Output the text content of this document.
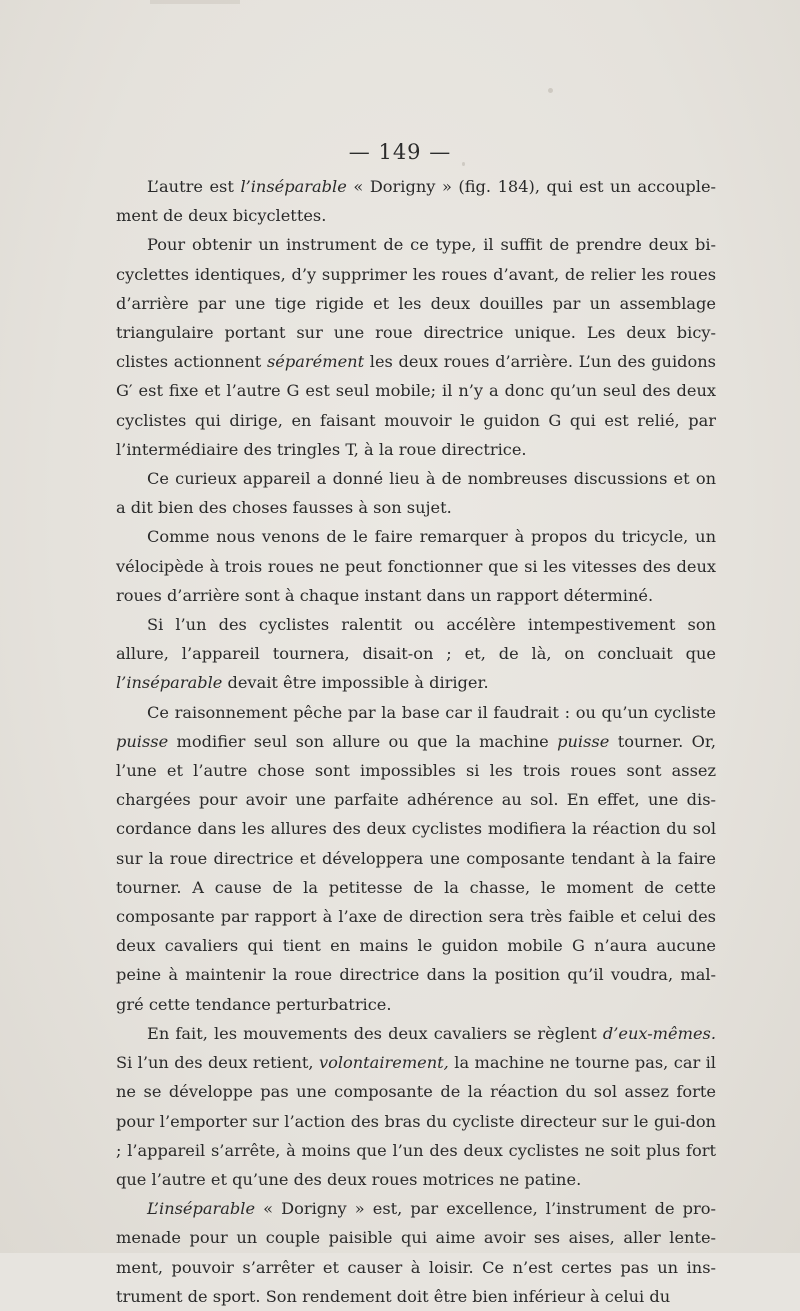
— 149 —

L’autre est l’inséparable « Dorigny » (fig. 184), qui est un accouple-ment de deux bicyclettes.

Pour obtenir un instrument de ce type, il suffit de prendre deux bi-cyclettes identiques, d’y supprimer les roues d’avant, de relier les roues d’arrière par une tige rigide et les deux douilles par un assemblage triangulaire portant sur une roue directrice unique. Les deux bicy-clistes actionnent séparément les deux roues d’arrière. L’un des guidons G′ est fixe et l’autre G est seul mobile; il n’y a donc qu’un seul des deux cyclistes qui dirige, en faisant mouvoir le guidon G qui est relié, par l’intermédiaire des tringles T, à la roue directrice.

Ce curieux appareil a donné lieu à de nombreuses discussions et on a dit bien des choses fausses à son sujet.

Comme nous venons de le faire remarquer à propos du tricycle, un vélocipède à trois roues ne peut fonctionner que si les vitesses des deux roues d’arrière sont à chaque instant dans un rapport déterminé.

Si l’un des cyclistes ralentit ou accélère intempestivement son allure, l’appareil tournera, disait-on ; et, de là, on concluait que l’inséparable devait être impossible à diriger.

Ce raisonnement pêche par la base car il faudrait : ou qu’un cycliste puisse modifier seul son allure ou que la machine puisse tourner. Or, l’une et l’autre chose sont impossibles si les trois roues sont assez chargées pour avoir une parfaite adhérence au sol. En effet, une dis-cordance dans les allures des deux cyclistes modifiera la réaction du sol sur la roue directrice et développera une composante tendant à la faire tourner. A cause de la petitesse de la chasse, le moment de cette composante par rapport à l’axe de direction sera très faible et celui des deux cavaliers qui tient en mains le guidon mobile G n’aura aucune peine à maintenir la roue directrice dans la position qu’il voudra, mal-gré cette tendance perturbatrice.

En fait, les mouvements des deux cavaliers se règlent d’eux-mêmes. Si l’un des deux retient, volontairement, la machine ne tourne pas, car il ne se développe pas une composante de la réaction du sol assez forte pour l’emporter sur l’action des bras du cycliste directeur sur le gui-don ; l’appareil s’arrête, à moins que l’un des deux cyclistes ne soit plus fort que l’autre et qu’une des deux roues motrices ne patine.

L’inséparable « Dorigny » est, par excellence, l’instrument de pro-menade pour un couple paisible qui aime avoir ses aises, aller lente-ment, pouvoir s’arrêter et causer à loisir. Ce n’est certes pas un ins-trument de sport. Son rendement doit être bien inférieur à celui du
